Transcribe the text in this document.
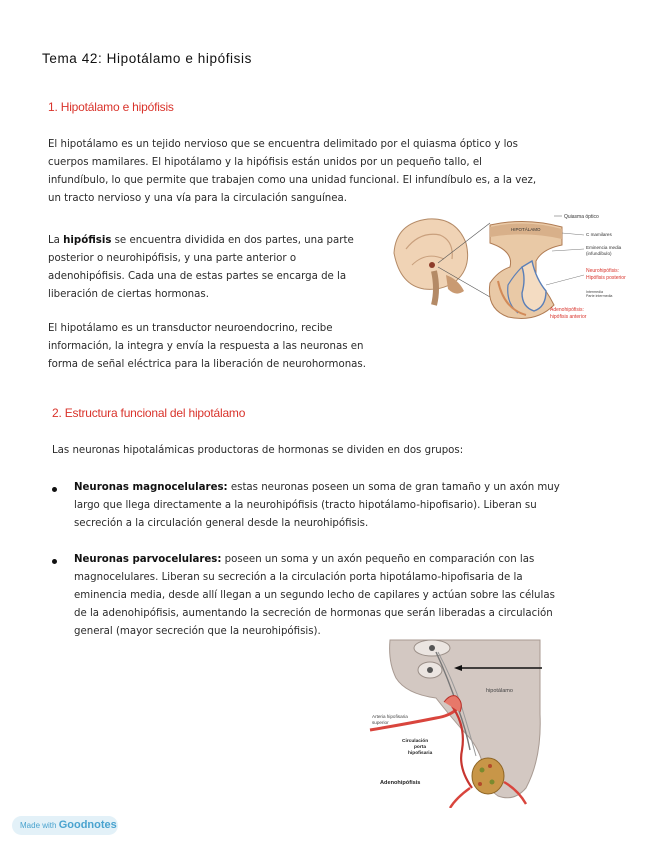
Tema 42: Hipotálamo e hipófisis
1. Hipotálamo e hipófisis
El hipotálamo es un tejido nervioso que se encuentra delimitado por el quiasma óptico y los
cuerpos mamilares. El hipotálamo y la hipófisis están unidos por un pequeño tallo, el
infundíbulo, lo que permite que trabajen como una unidad funcional. El infundíbulo es, a la vez,
un tracto nervioso y una vía para la circulación sanguínea.
La hipófisis se encuentra dividida en dos partes, una parte
posterior o neurohipófisis, y una parte anterior o
adenohipófisis. Cada una de estas partes se encarga de la
liberación de ciertas hormonas.
El hipotálamo es un transductor neuroendocrino, recibe
información, la integra y envía la respuesta a las neuronas en
forma de señal eléctrica para la liberación de neurohormonas.
HIPOTÁLAMO
Quiasma óptico
C mamilares
Eminencia media
(infundíbulo)
Neurohipófisis:
Hipófisis posterior
Intermedia
Parte intermedia
Adenohipófisis:
hipófisis anterior
2. Estructura funcional del hipotálamo
Las neuronas hipotalámicas productoras de hormonas se dividen en dos grupos:
Neuronas magnocelulares: estas neuronas poseen un soma de gran tamaño y un axón muy
largo que llega directamente a la neurohipófisis (tracto hipotálamo-hipofisario). Liberan su
secreción a la circulación general desde la neurohipófisis.
Neuronas parvocelulares: poseen un soma y un axón pequeño en comparación con las
magnocelulares. Liberan su secreción a la circulación porta hipotálamo-hipofisaria de la
eminencia media, desde allí llegan a un segundo lecho de capilares y actúan sobre las células
de la adenohipófisis, aumentando la secreción de hormonas que serán liberadas a circulación
general (mayor secreción que la neurohipófisis).
hipotálamo
Arteria hipofisaria
superior
Circulación
porta
hipofisaria
Adenohipófisis
Made with Goodnotes
